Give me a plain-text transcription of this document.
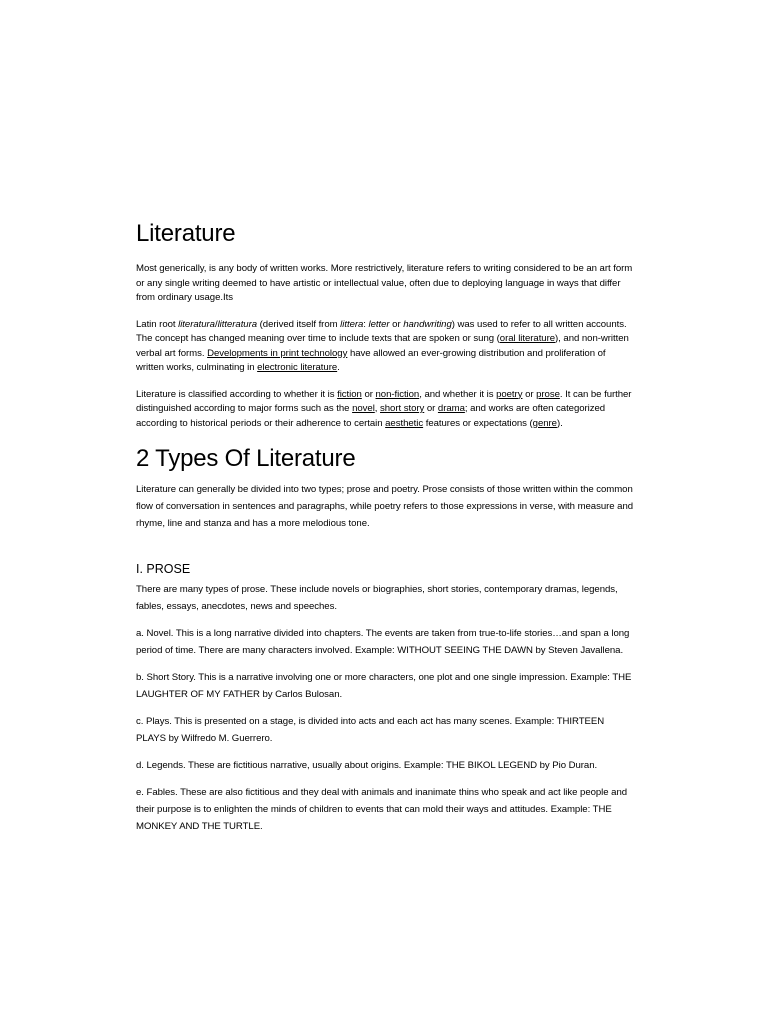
Literature

Most generically, is any body of written works. More restrictively, literature refers to writing considered to be an art form or any single writing deemed to have artistic or intellectual value, often due to deploying language in ways that differ from ordinary usage.Its

Latin root literatura/litteratura (derived itself from littera: letter or handwriting) was used to refer to all written accounts. The concept has changed meaning over time to include texts that are spoken or sung (oral literature), and non-written verbal art forms. Developments in print technology have allowed an ever-growing distribution and proliferation of written works, culminating in electronic literature.

Literature is classified according to whether it is fiction or non-fiction, and whether it is poetry or prose. It can be further distinguished according to major forms such as the novel, short story or drama; and works are often categorized according to historical periods or their adherence to certain aesthetic features or expectations (genre).

2 Types Of Literature

Literature can generally be divided into two types; prose and poetry. Prose consists of those written within the common flow of conversation in sentences and paragraphs, while poetry refers to those expressions in verse, with measure and rhyme, line and stanza and has a more melodious tone.

I. PROSE

There are many types of prose. These include novels or biographies, short stories, contemporary dramas, legends, fables, essays, anecdotes, news and speeches.

a. Novel. This is a long narrative divided into chapters. The events are taken from true-to-life stories…and span a long period of time. There are many characters involved. Example: WITHOUT SEEING THE DAWN by Steven Javallena.

b. Short Story. This is a narrative involving one or more characters, one plot and one single impression. Example: THE LAUGHTER OF MY FATHER by Carlos Bulosan.

c. Plays. This is presented on a stage, is divided into acts and each act has many scenes. Example: THIRTEEN PLAYS by Wilfredo M. Guerrero.

d. Legends. These are fictitious narrative, usually about origins. Example: THE BIKOL LEGEND by Pio Duran.

e. Fables. These are also fictitious and they deal with animals and inanimate thins who speak and act like people and their purpose is to enlighten the minds of children to events that can mold their ways and attitudes. Example: THE MONKEY AND THE TURTLE.
